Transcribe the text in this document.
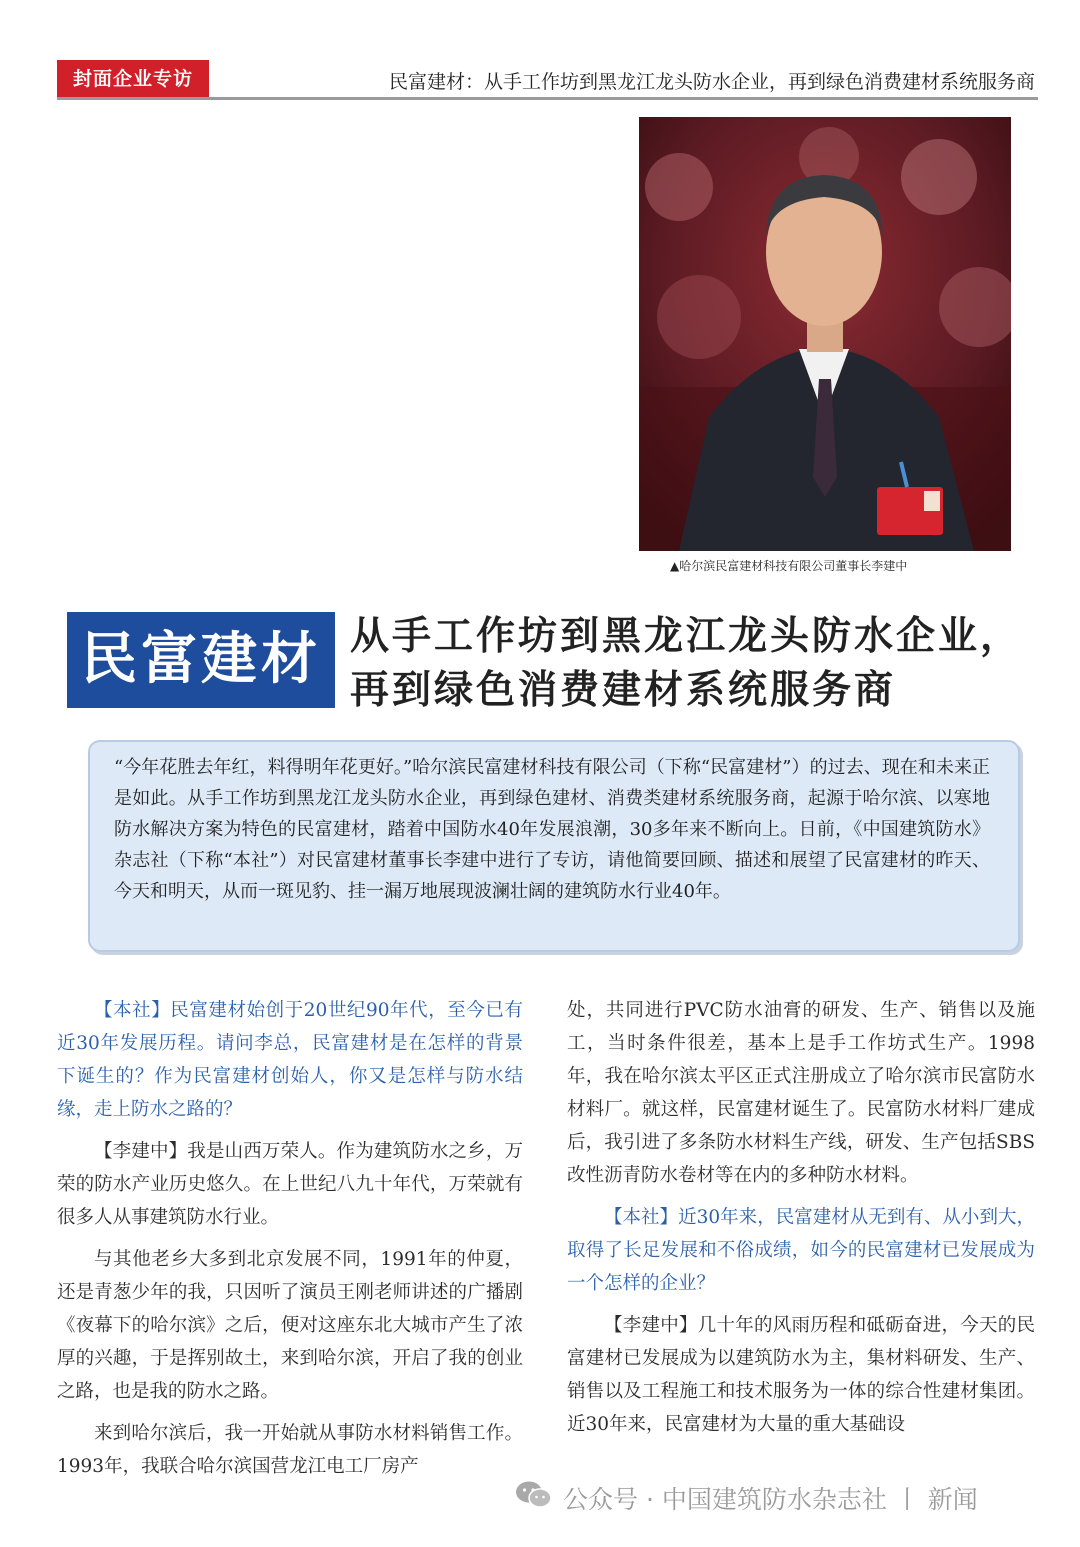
封面企业专访	民富建材：从手工作坊到黑龙江龙头防水企业，再到绿色消费建材系统服务商
▲哈尔滨民富建材科技有限公司董事长李建中
民富建材 从手工作坊到黑龙江龙头防水企业，
再到绿色消费建材系统服务商
“今年花胜去年红，料得明年花更好。”哈尔滨民富建材科技有限公司（下称“民富建材”）的过去、现在和未来正是如此。从手工作坊到黑龙江龙头防水企业，再到绿色建材、消费类建材系统服务商，起源于哈尔滨、以寒地防水解决方案为特色的民富建材，踏着中国防水40年发展浪潮，30多年来不断向上。日前，《中国建筑防水》杂志社（下称“本社”）对民富建材董事长李建中进行了专访，请他简要回顾、描述和展望了民富建材的昨天、今天和明天，从而一斑见豹、挂一漏万地展现波澜壮阔的建筑防水行业40年。

【本社】民富建材始创于20世纪90年代，至今已有近30年发展历程。请问李总，民富建材是在怎样的背景下诞生的？作为民富建材创始人，你又是怎样与防水结缘，走上防水之路的？

【李建中】我是山西万荣人。作为建筑防水之乡，万荣的防水产业历史悠久。在上世纪八九十年代，万荣就有很多人从事建筑防水行业。

与其他老乡大多到北京发展不同，1991年的仲夏，还是青葱少年的我，只因听了演员王刚老师讲述的广播剧《夜幕下的哈尔滨》之后，便对这座东北大城市产生了浓厚的兴趣，于是挥别故土，来到哈尔滨，开启了我的创业之路，也是我的防水之路。

来到哈尔滨后，我一开始就从事防水材料销售工作。1993年，我联合哈尔滨国营龙江电工厂房产

处，共同进行PVC防水油膏的研发、生产、销售以及施工，当时条件很差，基本上是手工作坊式生产。1998年，我在哈尔滨太平区正式注册成立了哈尔滨市民富防水材料厂。就这样，民富建材诞生了。民富防水材料厂建成后，我引进了多条防水材料生产线，研发、生产包括SBS改性沥青防水卷材等在内的多种防水材料。

【本社】近30年来，民富建材从无到有、从小到大，取得了长足发展和不俗成绩，如今的民富建材已发展成为一个怎样的企业？

【李建中】几十年的风雨历程和砥砺奋进，今天的民富建材已发展成为以建筑防水为主，集材料研发、生产、销售以及工程施工和技术服务为一体的综合性建材集团。近30年来，民富建材为大量的重大基础设

公众号 · 中国建筑防水杂志社 丨 新闻
